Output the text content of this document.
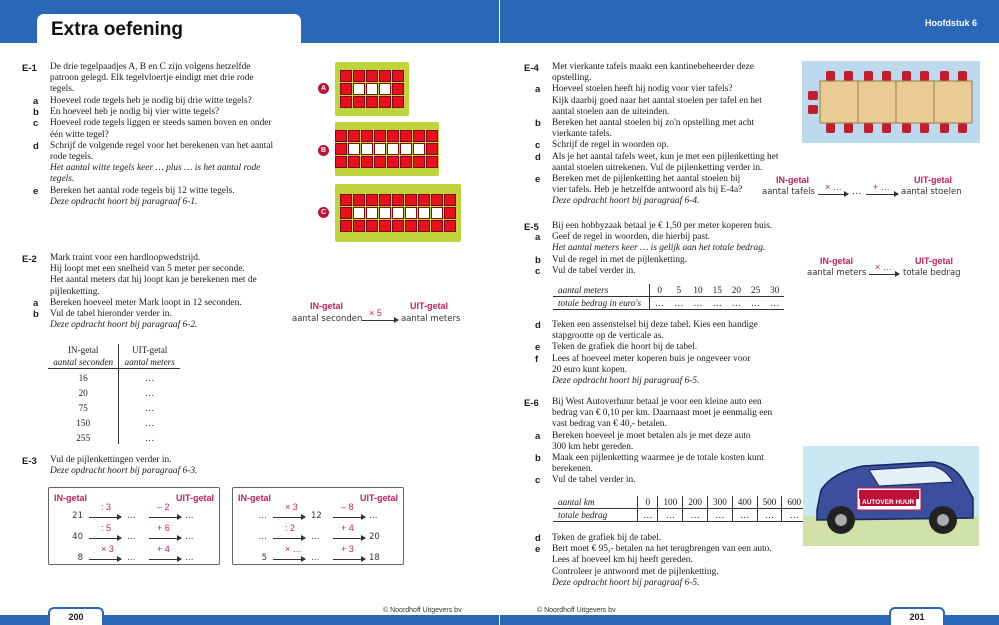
Extra oefening	Hoofdstuk 6
200	201
© Noordhoff Uitgevers bv	© Noordhoff Uitgevers bv
E-1 De drie tegelpaadjes A, B en C zijn volgens hetzelfde
patroon gelegd. Elk tegelvloertje eindigt met drie rode
tegels.
a
b
c

d

e
Hoeveel rode tegels heb je nodig bij drie witte tegels?
En hoeveel heb je nodig bij vier witte tegels?
Hoeveel rode tegels liggen er steeds samen boven en onder
één witte tegel?
Schrijf de volgende regel voor het berekenen van het aantal
rode tegels.
Het aantal witte tegels keer … plus … is het aantal rode
tegels.
Bereken het aantal rode tegels bij 12 witte tegels.
Deze opdracht hoort bij paragraaf 6-1.
A
B
C
E-2 Mark traint voor een hardloopwedstrijd.
Hij loopt met een snelheid van 5 meter per seconde.
Het aantal meters dat hij loopt kan je berekenen met de
pijlenketting.
Bereken hoeveel meter Mark loopt in 12 seconden.
Vul de tabel hieronder verder in.
Deze opdracht hoort bij paragraaf 6-2.
a
b
IN-getal	UIT-getal
aantal seconden
× 5
aantal meters
IN-getal	UIT-getal
aantal seconden	aantal meters
16	…
20	…
75	…
150	…
255	…
E-3 Vul de pijlenkettingen verder in.
Deze opdracht hoort bij paragraaf 6-3.
IN-getal	UIT-getal
21
: 3
…
– 2
…
40
: 5
…
+ 6
…
8
× 3
…
+ 4
…
IN-getal	UIT-getal
…
× 3
12
– 8
…
…
: 2
…
+ 4
20
5
× …
…
+ 3
18
E-4 Met vierkante tafels maakt een kantinebeheerder deze
opstelling.
Hoeveel stoelen heeft hij nodig voor vier tafels?
Kijk daarbij goed naar het aantal stoelen per tafel en het
aantal stoelen aan de uiteinden.
Bereken het aantal stoelen bij zo'n opstelling met acht
vierkante tafels.
Schrijf de regel in woorden op.
Als je het aantal tafels weet, kun je met een pijlenketting het
aantal stoelen uitrekenen. Vul de pijlenketting verder in.
Bereken met de pijlenketting het aantal stoelen bij
vier tafels. Heb je hetzelfde antwoord als bij E-4a?
Deze opdracht hoort bij paragraaf 6-4.
a

b

c
d

e	IN-getal	UIT-getal
aantal tafels × … … + … aantal stoelen
E-5 Bij een hobbyzaak betaal je € 1,50 per meter koperen buis.
Geef de regel in woorden, die hierbij past.
Het aantal meters keer … is gelijk aan het totale bedrag.
Vul de regel in met de pijlenketting.
Vul de tabel verder in.
a

b
c
IN-getal	UIT-getal
aantal meters
× …
totale bedrag
aantal meters	0	5	10	15	20	25	30
totale bedrag in euro's	…	…	…	…	…	…	…
Teken een assenstelsel bij deze tabel. Kies een handige
stapgrootte op de verticale as.
Teken de grafiek die hoort bij de tabel.
Lees af hoeveel meter koperen buis je ongeveer voor
20 euro kunt kopen.
Deze opdracht hoort bij paragraaf 6-5.
d

e
f
E-6 Bij West Autoverhuur betaal je voor een kleine auto een
bedrag van € 0,10 per km. Daarnaast moet je eenmalig een
vast bedrag van € 40,- betalen.
Bereken hoeveel je moet betalen als je met deze auto
300 km hebt gereden.
Maak een pijlenketting waarmee je de totale kosten kunt
berekenen.
Vul de tabel verder in.
a

b

c
aantal km	0	100	200	300	400	500	600
totale bedrag	…	…	…	…	…	…	…
Teken de grafiek bij de tabel.
Bert moet € 95,- betalen na het terugbrengen van een auto.
Lees af hoeveel km hij heeft gereden.
Controleer je antwoord met de pijlenketting.
Deze opdracht hoort bij paragraaf 6-5.
d
e
WEST
AUTOVER HUUR
